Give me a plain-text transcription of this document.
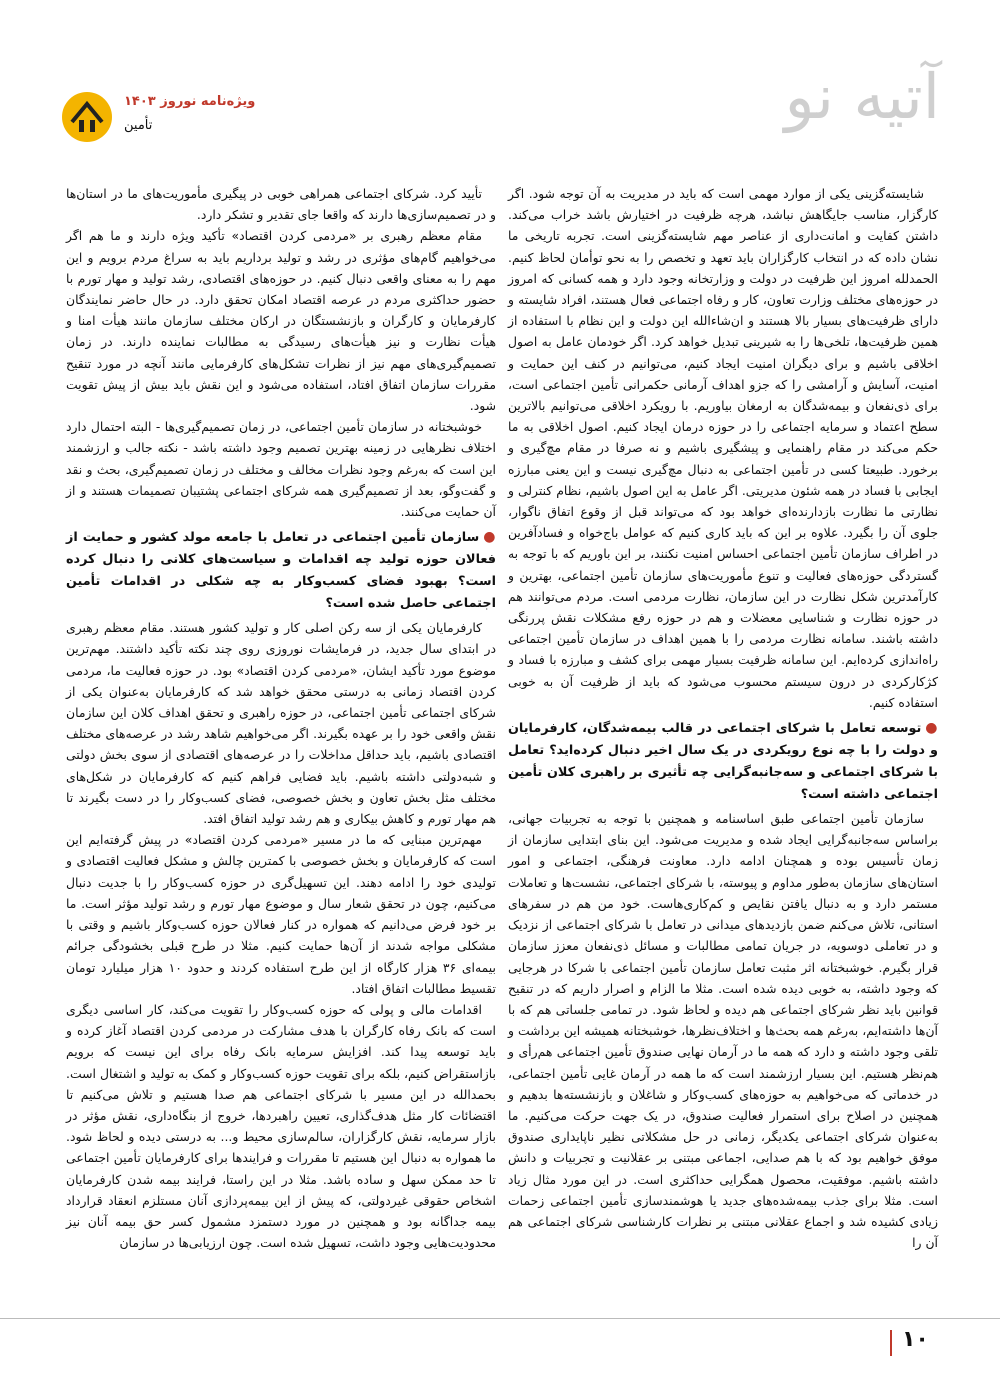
آتیه نو
ویژه‌نامه نوروز ۱۴۰۳
تأمین

شایسته‌گزینی یکی از موارد مهمی است که باید در مدیریت به آن توجه شود. اگر کارگزار، مناسب جایگاهش نباشد، هرچه ظرفیت در اختیارش باشد خراب می‌کند. داشتن کفایت و امانت‌داری از عناصر مهم شایسته‌گزینی است. تجربه تاریخی ما نشان داده که در انتخاب کارگزاران باید تعهد و تخصص را به نحو توأمان لحاظ کنیم. الحمدلله امروز این ظرفیت در دولت و وزارتخانه وجود دارد و همه کسانی که امروز در حوزه‌های مختلف وزارت تعاون، کار و رفاه اجتماعی فعال هستند، افراد شایسته و دارای ظرفیت‌های بسیار بالا هستند و ان‌شاءالله این دولت و این نظام با استفاده از همین ظرفیت‌ها، تلخی‌ها را به شیرینی تبدیل خواهد کرد. اگر خودمان عامل به اصول اخلاقی باشیم و برای دیگران امنیت ایجاد کنیم، می‌توانیم در کنف این حمایت و امنیت، آسایش و آرامشی را که جزو اهداف آرمانی حکمرانی تأمین اجتماعی است، برای ذی‌نفعان و بیمه‌شدگان به ارمغان بیاوریم. با رویکرد اخلاقی می‌توانیم بالاترین سطح اعتماد و سرمایه اجتماعی را در حوزه درمان ایجاد کنیم. اصول اخلاقی به ما حکم می‌کند در مقام راهنمایی و پیشگیری باشیم و نه صرفا در مقام مچ‌گیری و برخورد. طبیعتا کسی در تأمین اجتماعی به دنبال مچ‌گیری نیست و این یعنی مبارزه ایجابی با فساد در همه شئون مدیریتی. اگر عامل به این اصول باشیم، نظام کنترلی و نظارتی ما نظارت بازدارنده‌ای خواهد بود که می‌تواند قبل از وقوع اتفاق ناگوار، جلوی آن را بگیرد. علاوه بر این که باید کاری کنیم که عوامل باج‌خواه و فساد‌آفرین در اطراف سازمان تأمین اجتماعی احساس امنیت نکنند، بر این باوریم که با توجه به گستردگی حوزه‌های فعالیت و تنوع مأموریت‌های سازمان تأمین اجتماعی، بهترین و کارآمدترین شکل نظارت در این سازمان، نظارت مردمی است. مردم می‌توانند هم در حوزه نظارت و شناسایی معضلات و هم در حوزه رفع مشکلات نقش پررنگی داشته باشند. سامانه نظارت مردمی را با همین اهداف در سازمان تأمین اجتماعی راه‌اندازی کرده‌ایم. این سامانه ظرفیت بسیار مهمی برای کشف و مبارزه با فساد و کژکارکردی در درون سیستم محسوب می‌شود که باید از ظرفیت آن به خوبی استفاده کنیم.

●توسعه تعامل با شرکای اجتماعی در قالب بیمه‌شدگان، کارفرمایان و دولت را با چه نوع رویکردی در یک سال اخیر دنبال کرده‌اید؟ تعامل با شرکای اجتماعی و سه‌جانبه‌گرایی چه تأثیری بر راهبری کلان تأمین اجتماعی داشته است؟

سازمان تأمین اجتماعی طبق اساسنامه و همچنین با توجه به تجربیات جهانی، براساس سه‌جانبه‌گرایی ایجاد شده و مدیریت می‌شود. این بنای ابتدایی سازمان از زمان تأسیس بوده و همچنان ادامه دارد. معاونت فرهنگی، اجتماعی و امور استان‌های سازمان به‌طور مداوم و پیوسته، با شرکای اجتماعی، نشست‌ها و تعاملات مستمر دارد و به دنبال یافتن نقایص و کم‌کاری‌هاست. خود من هم در سفرهای استانی، تلاش می‌کنم ضمن بازدیدهای میدانی در تعامل با شرکای اجتماعی از نزدیک و در تعاملی دوسویه، در جریان تمامی مطالبات و مسائل ذی‌نفعان معزز سازمان قرار بگیرم. خوشبختانه اثر مثبت تعامل سازمان تأمین اجتماعی با شرکا در هرجایی که وجود داشته، به خوبی دیده شده است. مثلا ما الزام و اصرار داریم که در تنقیح قوانین باید نظر شرکای اجتماعی هم دیده و لحاظ شود. در تمامی جلساتی هم که با آن‌ها داشته‌ایم، به‌رغم همه بحث‌ها و اختلاف‌نظرها، خوشبختانه همیشه این برداشت و تلقی وجود داشته و دارد که همه ما در آرمان نهایی صندوق تأمین اجتماعی هم‌رأی و هم‌نظر هستیم. این بسیار ارزشمند است که ما همه در آرمان غایی تأمین اجتماعی، در خدماتی که می‌خواهیم به حوزه‌های کسب‌وکار و شاغلان و بازنشسته‌ها بدهیم و همچنین در اصلاح برای استمرار فعالیت صندوق، در یک جهت حرکت می‌کنیم. ما به‌عنوان شرکای اجتماعی یکدیگر، زمانی در حل مشکلاتی نظیر ناپایداری صندوق موفق خواهیم بود که با هم صدایی، اجماعی مبتنی بر عقلانیت و تجربیات و دانش داشته باشیم. موفقیت، محصول همگرایی حداکثری است. در این مورد مثال زیاد است. مثلا برای جذب بیمه‌شده‌های جدید یا هوشمندسازی تأمین اجتماعی زحمات زیادی کشیده شد و اجماع عقلانی مبتنی بر نظرات کارشناسی شرکای اجتماعی هم آن را

تأیید کرد. شرکای اجتماعی همراهی خوبی در پیگیری مأموریت‌های ما در استان‌ها و در تصمیم‌سازی‌ها دارند که واقعا جای تقدیر و تشکر دارد.

مقام معظم رهبری بر «مردمی کردن اقتصاد» تأکید ویژه دارند و ما هم اگر می‌خواهیم گام‌های مؤثری در رشد و تولید برداریم باید به سراغ مردم برویم و این مهم را به معنای واقعی دنبال کنیم. در حوزه‌های اقتصادی، رشد تولید و مهار تورم با حضور حداکثری مردم در عرصه اقتصاد امکان تحقق دارد. در حال حاضر نمایندگان کارفرمایان و کارگران و بازنشستگان در ارکان مختلف سازمان مانند هیأت امنا و هیأت نظارت و نیز هیأت‌های رسیدگی به مطالبات نماینده دارند. در زمان تصمیم‌گیری‌های مهم نیز از نظرات تشکل‌های کارفرمایی مانند آنچه در مورد تنقیح مقررات سازمان اتفاق افتاد، استفاده می‌شود و این نقش باید بیش از پیش تقویت شود.

خوشبختانه در سازمان تأمین اجتماعی، در زمان تصمیم‌گیری‌ها - البته احتمال دارد اختلاف نظرهایی در زمینه بهترین تصمیم وجود داشته باشد - نکته جالب و ارزشمند این است که به‌رغم وجود نظرات مخالف و مختلف در زمان تصمیم‌گیری، بحث و نقد و گفت‌وگو، بعد از تصمیم‌گیری همه شرکای اجتماعی پشتیبان تصمیمات هستند و از آن حمایت می‌کنند.

●سازمان تأمین اجتماعی در تعامل با جامعه مولد کشور و حمایت از فعالان حوزه تولید چه اقدامات و سیاست‌های کلانی را دنبال کرده است؟ بهبود فضای کسب‌وکار به چه شکلی در اقدامات تأمین اجتماعی حاصل شده است؟

کارفرمایان یکی از سه رکن اصلی کار و تولید کشور هستند. مقام معظم رهبری در ابتدای سال جدید، در فرمایشات نوروزی روی چند نکته تأکید داشتند. مهم‌ترین موضوع مورد تأکید ایشان، «مردمی کردن اقتصاد» بود. در حوزه فعالیت ما، مردمی کردن اقتصاد زمانی به درستی محقق خواهد شد که کارفرمایان به‌عنوان یکی از شرکای اجتماعی تأمین اجتماعی، در حوزه راهبری و تحقق اهداف کلان این سازمان نقش واقعی خود را بر عهده بگیرند. اگر می‌خواهیم شاهد رشد در عرصه‌های مختلف اقتصادی باشیم، باید حداقل مداخلات را در عرصه‌های اقتصادی از سوی بخش دولتی و شبه‌دولتی داشته باشیم. باید فضایی فراهم کنیم که کارفرمایان در شکل‌های مختلف مثل بخش تعاون و بخش خصوصی، فضای کسب‌وکار را در دست بگیرند تا هم مهار تورم و کاهش بیکاری و هم رشد تولید اتفاق افتد.

مهم‌ترین مبنایی که ما در مسیر «مردمی کردن اقتصاد» در پیش گرفته‌ایم این است که کارفرمایان و بخش خصوصی با کمترین چالش و مشکل فعالیت اقتصادی و تولیدی خود را ادامه دهند. این تسهیل‌گری در حوزه کسب‌وکار را با جدیت دنبال می‌کنیم، چون در تحقق شعار سال و موضوع مهار تورم و رشد تولید مؤثر است. ما بر خود فرض می‌دانیم که همواره در کنار فعالان حوزه کسب‌وکار باشیم و وقتی با مشکلی مواجه شدند از آن‌ها حمایت کنیم. مثلا در طرح قبلی بخشودگی جرائم بیمه‌ای ۳۶ هزار کارگاه از این طرح استفاده کردند و حدود ۱۰ هزار میلیارد تومان تقسیط مطالبات اتفاق افتاد.

اقدامات مالی و پولی که حوزه کسب‌وکار را تقویت می‌کند، کار اساسی دیگری است که بانک رفاه کارگران با هدف مشارکت در مردمی کردن اقتصاد آغاز کرده و باید توسعه پیدا کند. افزایش سرمایه بانک رفاه برای این نیست که برویم بازاستقراض کنیم، بلکه برای تقویت حوزه کسب‌وکار و کمک به تولید و اشتغال است. بحمدالله در این مسیر با شرکای اجتماعی هم صدا هستیم و تلاش می‌کنیم تا اقتضائات کار مثل هدف‌گذاری، تعیین راهبردها، خروج از بنگاه‌داری، نقش مؤثر در بازار سرمایه، نقش کارگزاران، سالم‌سازی محیط و... به درستی دیده و لحاظ شود. ما همواره به دنبال این هستیم تا مقررات و فرایندها برای کارفرمایان تأمین اجتماعی تا حد ممکن سهل و ساده باشد. مثلا در این راستا، فرایند بیمه شدن کارفرمایان اشخاص حقوقی غیردولتی، که پیش از این بیمه‌پردازی آنان مستلزم انعقاد قرارداد بیمه جداگانه بود و همچنین در مورد دستمزد مشمول کسر حق بیمه آنان نیز محدودیت‌هایی وجود داشت، تسهیل شده است. چون ارزیابی‌ها در سازمان

۱۰
